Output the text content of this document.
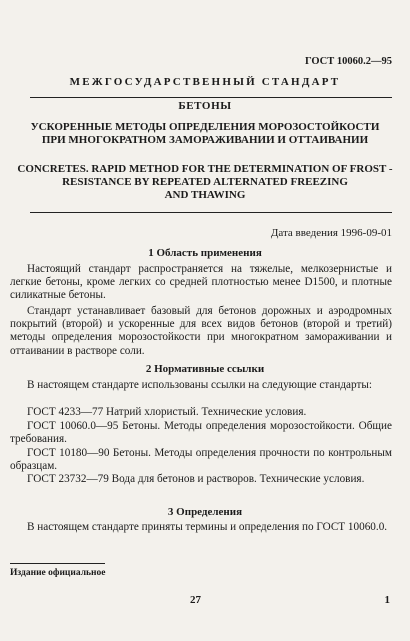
ГОСТ 10060.2—95
МЕЖГОСУДАРСТВЕННЫЙ СТАНДАРТ
БЕТОНЫ
УСКОРЕННЫЕ МЕТОДЫ ОПРЕДЕЛЕНИЯ МОРОЗОСТОЙКОСТИ
ПРИ МНОГОКРАТНОМ ЗАМОРАЖИВАНИИ И ОТТАИВАНИИ
CONCRETES. RAPID METHOD FOR THE DETERMINATION OF FROST -
RESISTANCE BY REPEATED ALTERNATED FREEZING
AND THAWING
Дата введения 1996-09-01
1 Область применения
Настоящий стандарт распространяется на тяжелые, мелкозернистые и легкие бетоны, кроме легких со средней плотностью менее D1500, и плотные силикатные бетоны.
Стандарт устанавливает базовый для бетонов дорожных и аэродромных покрытий (второй) и ускоренные для всех видов бетонов (второй и третий) методы определения морозостойкости при многократном замораживании и оттаивании в растворе соли.
2 Нормативные ссылки
В настоящем стандарте использованы ссылки на следующие стандарты:
ГОСТ 4233—77 Натрий хлористый. Технические условия.
ГОСТ 10060.0—95 Бетоны. Методы определения морозостойкости. Общие требования.
ГОСТ 10180—90 Бетоны. Методы определения прочности по контрольным образцам.
ГОСТ 23732—79 Вода для бетонов и растворов. Технические условия.
3 Определения
В настоящем стандарте приняты термины и определения по ГОСТ 10060.0.
Издание официальное
27	1
